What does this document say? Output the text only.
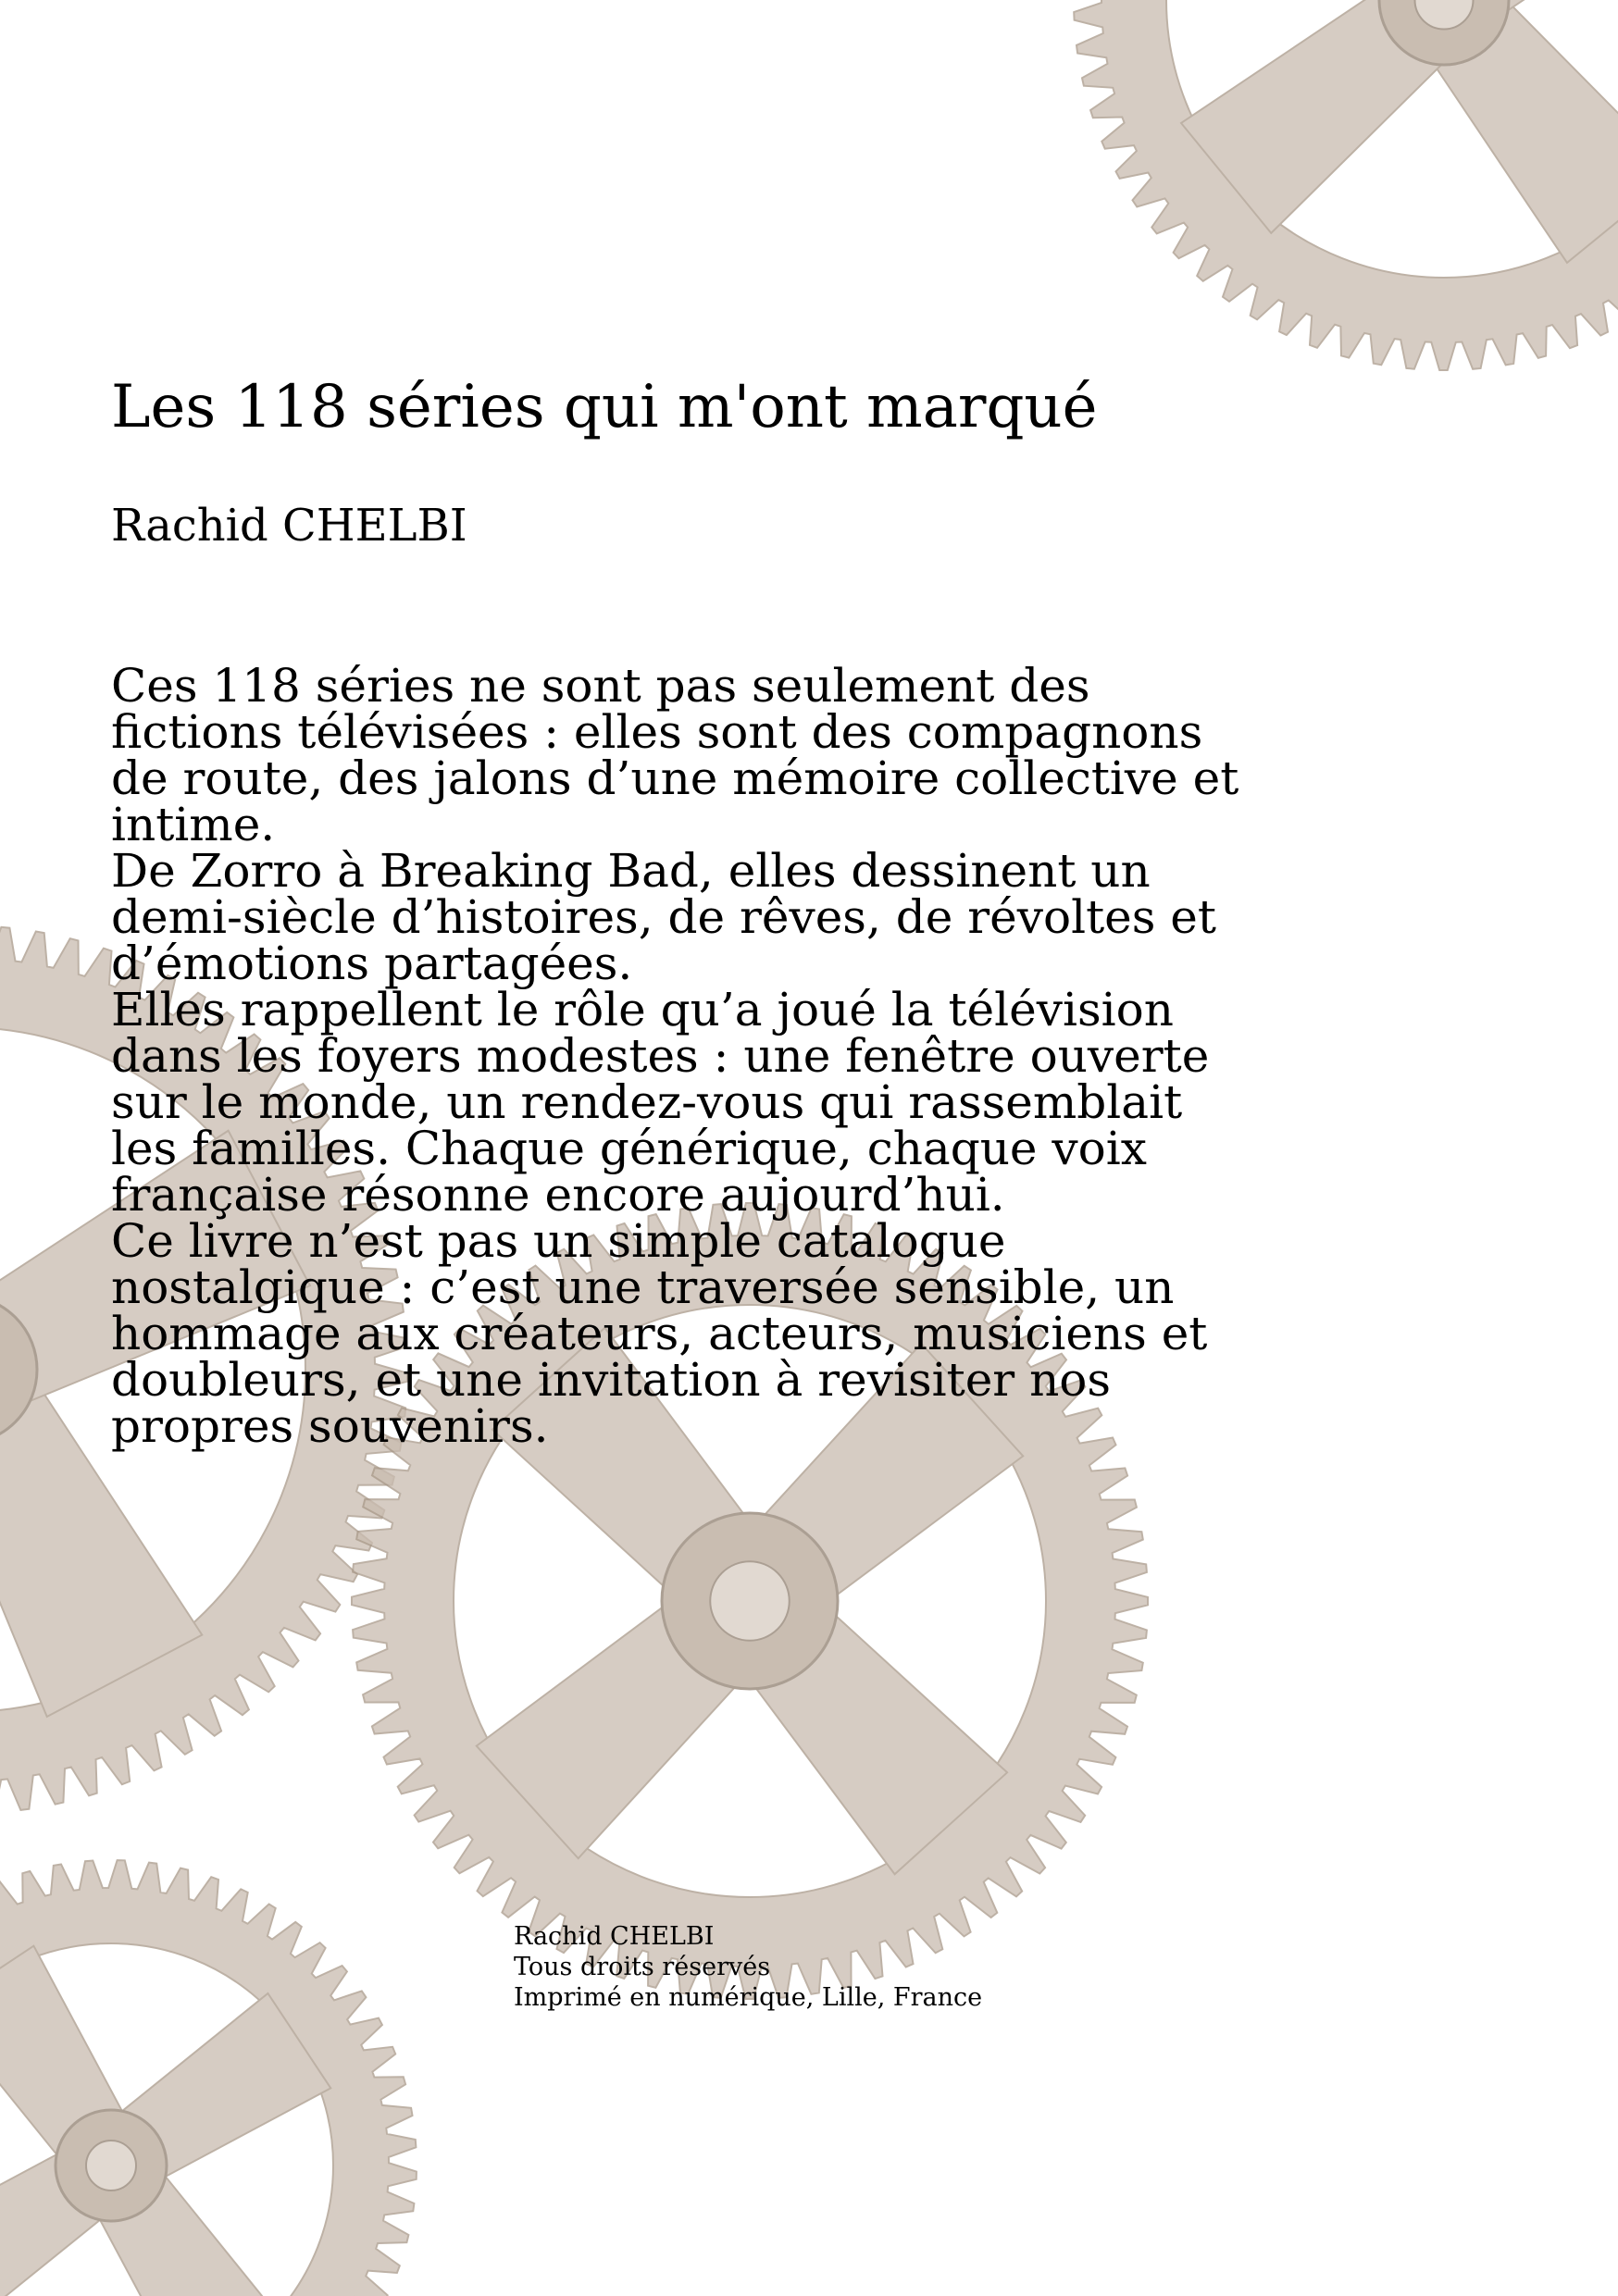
Les 118 séries qui m'ont marqué
Rachid CHELBI

Ces 118 séries ne sont pas seulement des fictions télévisées : elles sont des compagnons de route, des jalons d’une mémoire collective et intime.

De Zorro à Breaking Bad, elles dessinent un demi-siècle d’histoires, de rêves, de révoltes et d’émotions partagées.

Elles rappellent le rôle qu’a joué la télévision dans les foyers modestes : une fenêtre ouverte sur le monde, un rendez-vous qui rassemblait les familles. Chaque générique, chaque voix française résonne encore aujourd’hui.

Ce livre n’est pas un simple catalogue nostalgique : c’est une traversée sensible, un hommage aux créateurs, acteurs, musiciens et doubleurs, et une invitation à revisiter nos propres souvenirs.

Rachid CHELBI
Tous droits réservés
Imprimé en numérique, Lille, France
